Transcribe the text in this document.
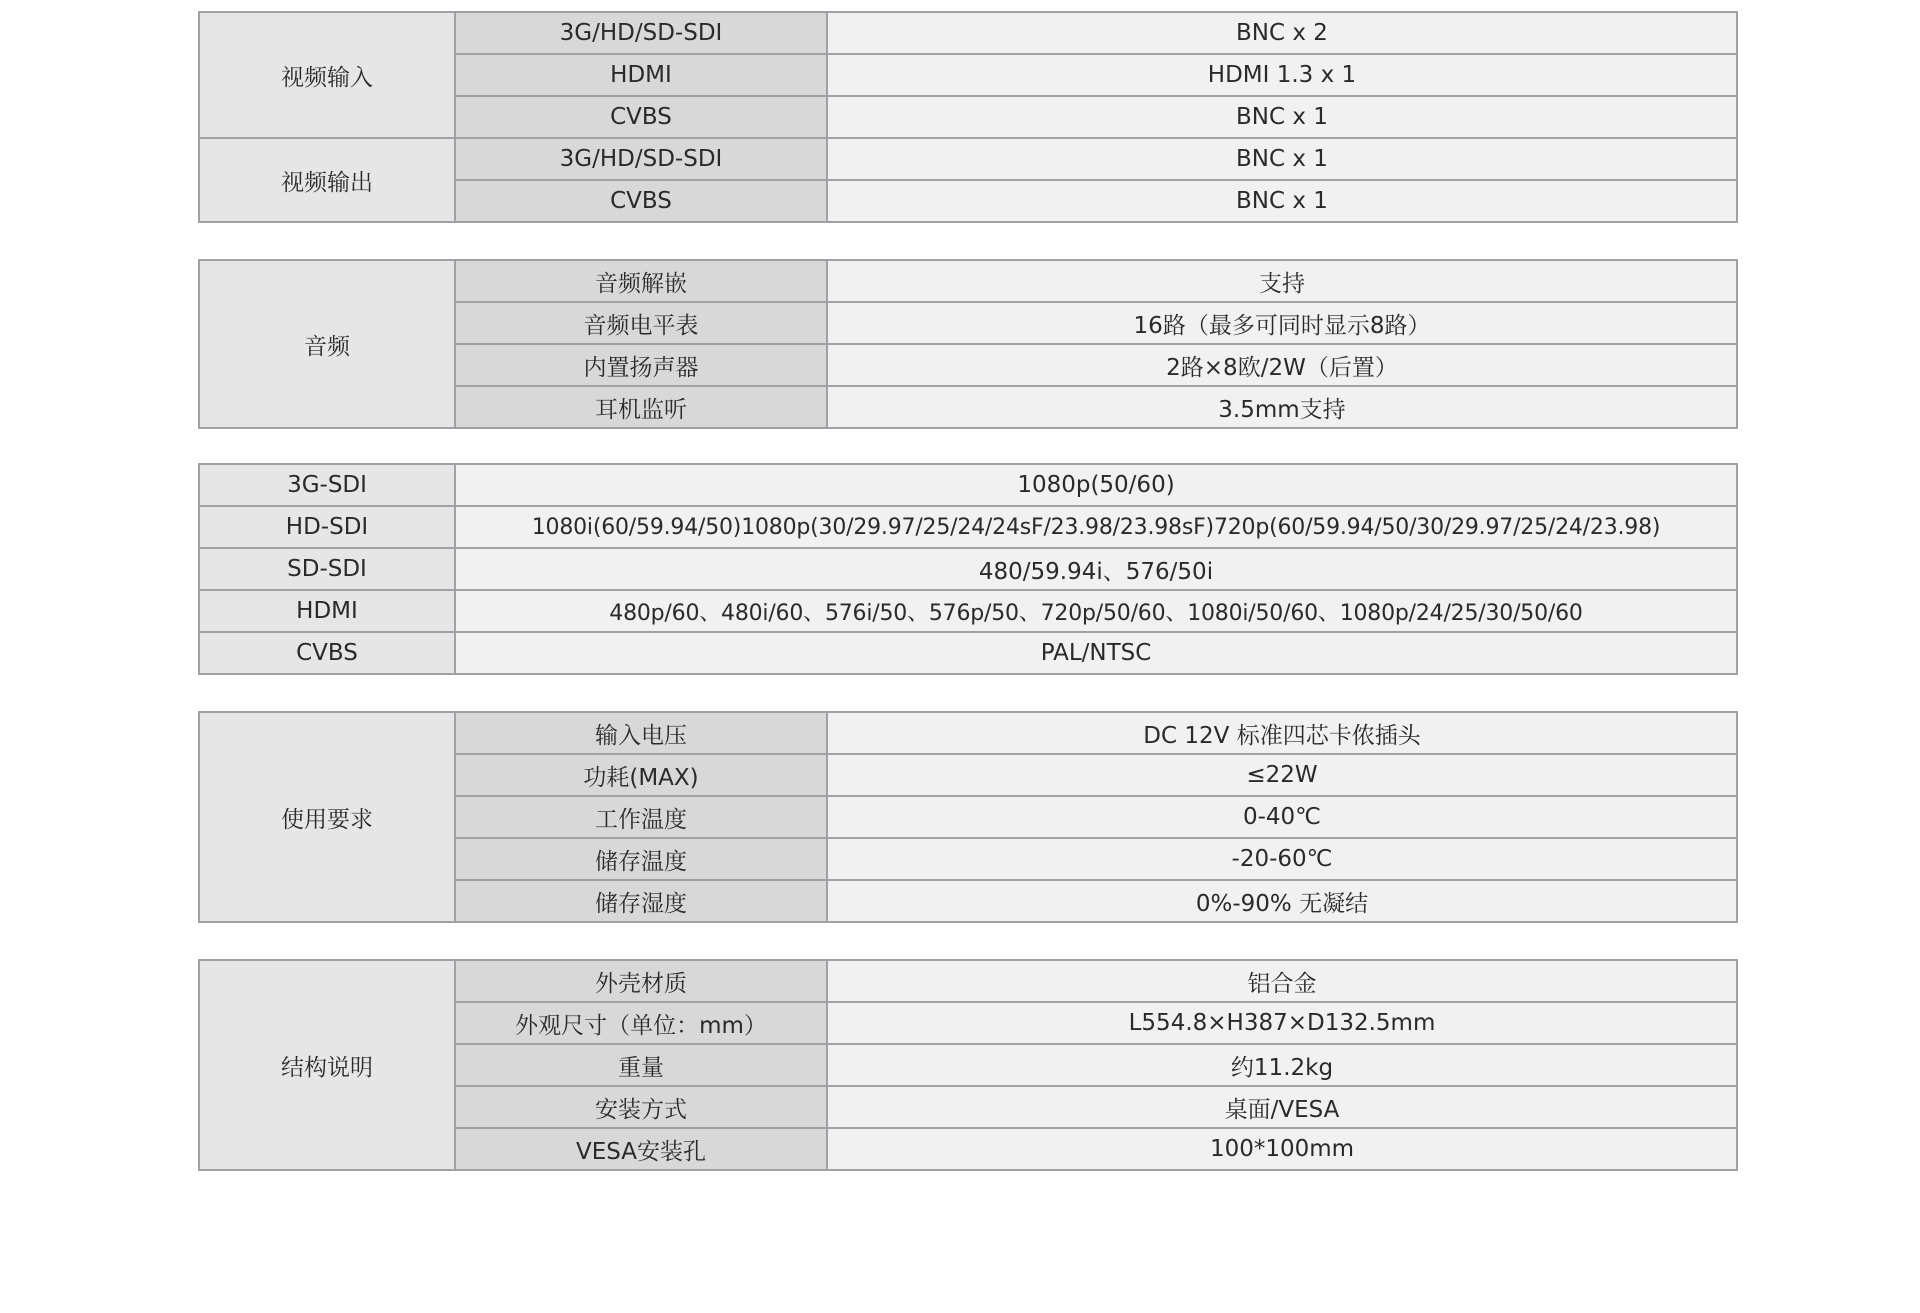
视频输入	3G/HD/SD-SDI	BNC x 2
	HDMI	HDMI 1.3 x 1
	CVBS	BNC x 1
视频输出	3G/HD/SD-SDI	BNC x 1
	CVBS	BNC x 1
音频	音频解嵌	支持
	音频电平表	16路（最多可同时显示8路）
	内置扬声器	2路×8欧/2W（后置）
	耳机监听	3.5mm支持
3G-SDI	1080p(50/60)
HD-SDI	1080i(60/59.94/50)1080p(30/29.97/25/24/24sF/23.98/23.98sF)720p(60/59.94/50/30/29.97/25/24/23.98)
SD-SDI	480/59.94i、576/50i
HDMI	480p/60、480i/60、576i/50、576p/50、720p/50/60、1080i/50/60、1080p/24/25/30/50/60
CVBS	PAL/NTSC
使用要求	输入电压	DC 12V 标准四芯卡侬插头
	功耗(MAX)	≤22W
	工作温度	0-40℃
	储存温度	-20-60℃
	储存湿度	0%-90% 无凝结
结构说明	外壳材质	铝合金
	外观尺寸（单位：mm）	L554.8×H387×D132.5mm
	重量	约11.2kg
	安装方式	桌面/VESA
	VESA安装孔	100*100mm
